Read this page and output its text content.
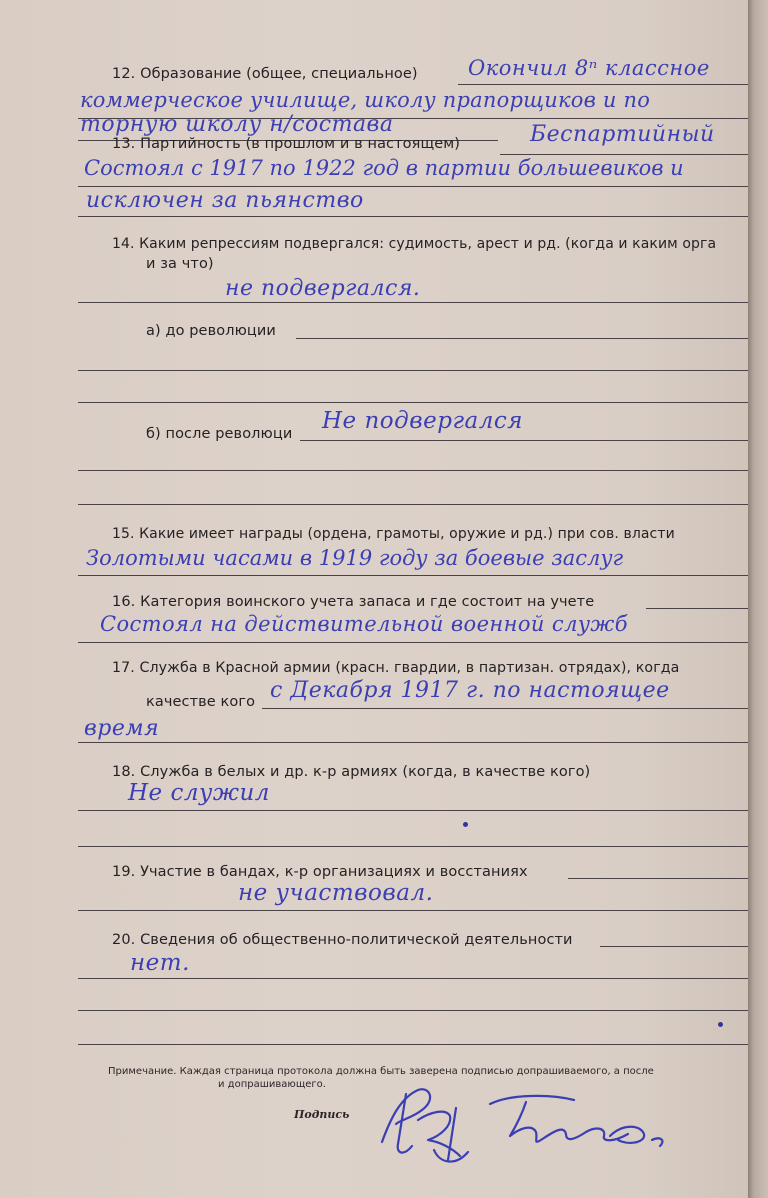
12. Образование (общее, специальное) Окончил 8ⁿ классное
коммерческое училище, школу прапорщиков и по
торную школу н/состава
13. Партийность (в прошлом и в настоящем)	Беспартийный
Состоял с 1917 по 1922 год в партии большевиков и
исключен за пьянство
14. Каким репрессиям подвергался: судимость, арест и рд. (когда и каким орга
и за что)
не подвергался.
а) до революции
б) после революци Не подвергался
15. Какие имеет награды (ордена, грамоты, оружие и рд.) при сов. власти
Золотыми часами в 1919 году за боевые заслуг
16. Категория воинского учета запаса и где состоит на учете
Состоял на действительной военной служб
17. Служба в Красной армии (красн. гвардии, в партизан. отрядах), когда
качестве кого с Декабря 1917 г. по настоящее
время
18. Служба в белых и др. к-р армиях (когда, в качестве кого)
Не служил
19. Участие в бандах, к-р организациях и восстаниях
не участвовал.
20. Сведения об общественно-политической деятельности
нет.
Примечание. Каждая страница протокола должна быть заверена подписью допрашиваемого, а после
и допрашивающего.
Подпись
